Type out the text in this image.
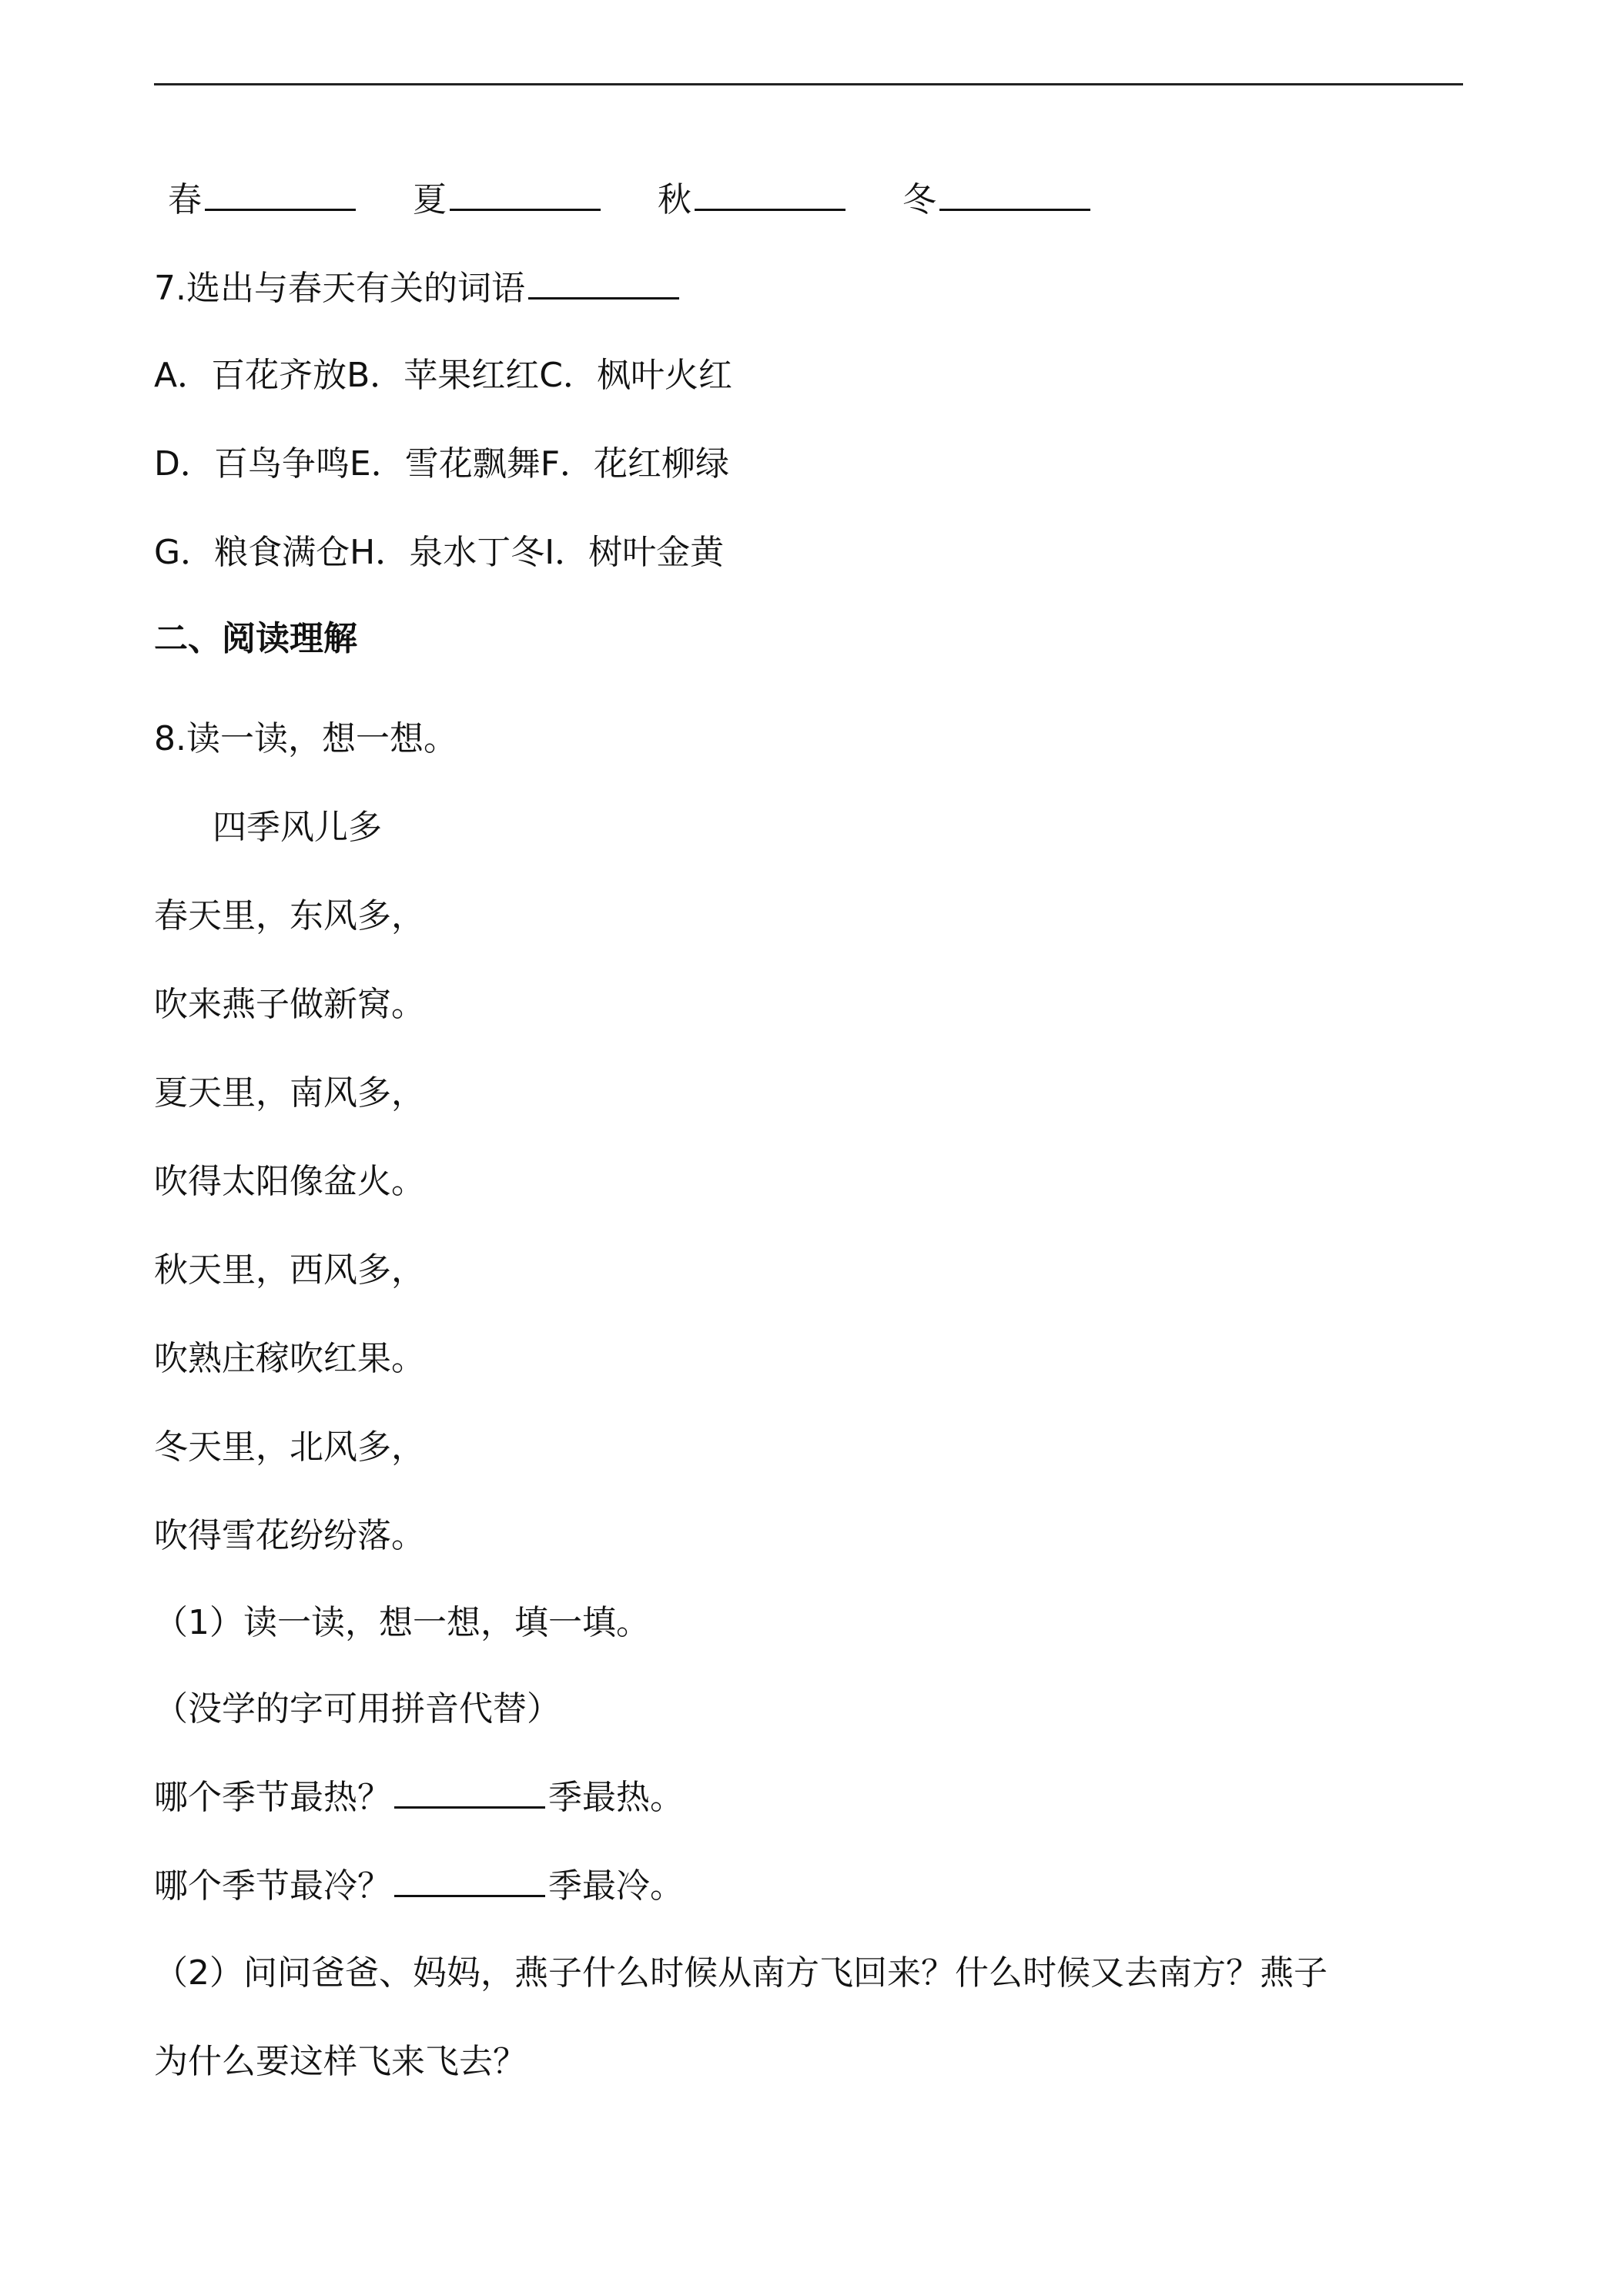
春	夏	秋	冬
7.选出与春天有关的词语
A．百花齐放B．苹果红红C．枫叶火红
D．百鸟争鸣E．雪花飘舞F．花红柳绿
G．粮食满仓H．泉水丁冬I．树叶金黄
二、阅读理解
8.读一读，想一想。
四季风儿多
春天里，东风多，
吹来燕子做新窝。
夏天里，南风多，
吹得太阳像盆火。
秋天里，西风多，
吹熟庄稼吹红果。
冬天里，北风多，
吹得雪花纷纷落。
（1）读一读，想一想，填一填。
（没学的字可用拼音代替）
哪个季节最热？	季最热。
哪个季节最冷？	季最冷。
（2）问问爸爸、妈妈，燕子什么时候从南方飞回来？什么时候又去南方？燕子
为什么要这样飞来飞去？
